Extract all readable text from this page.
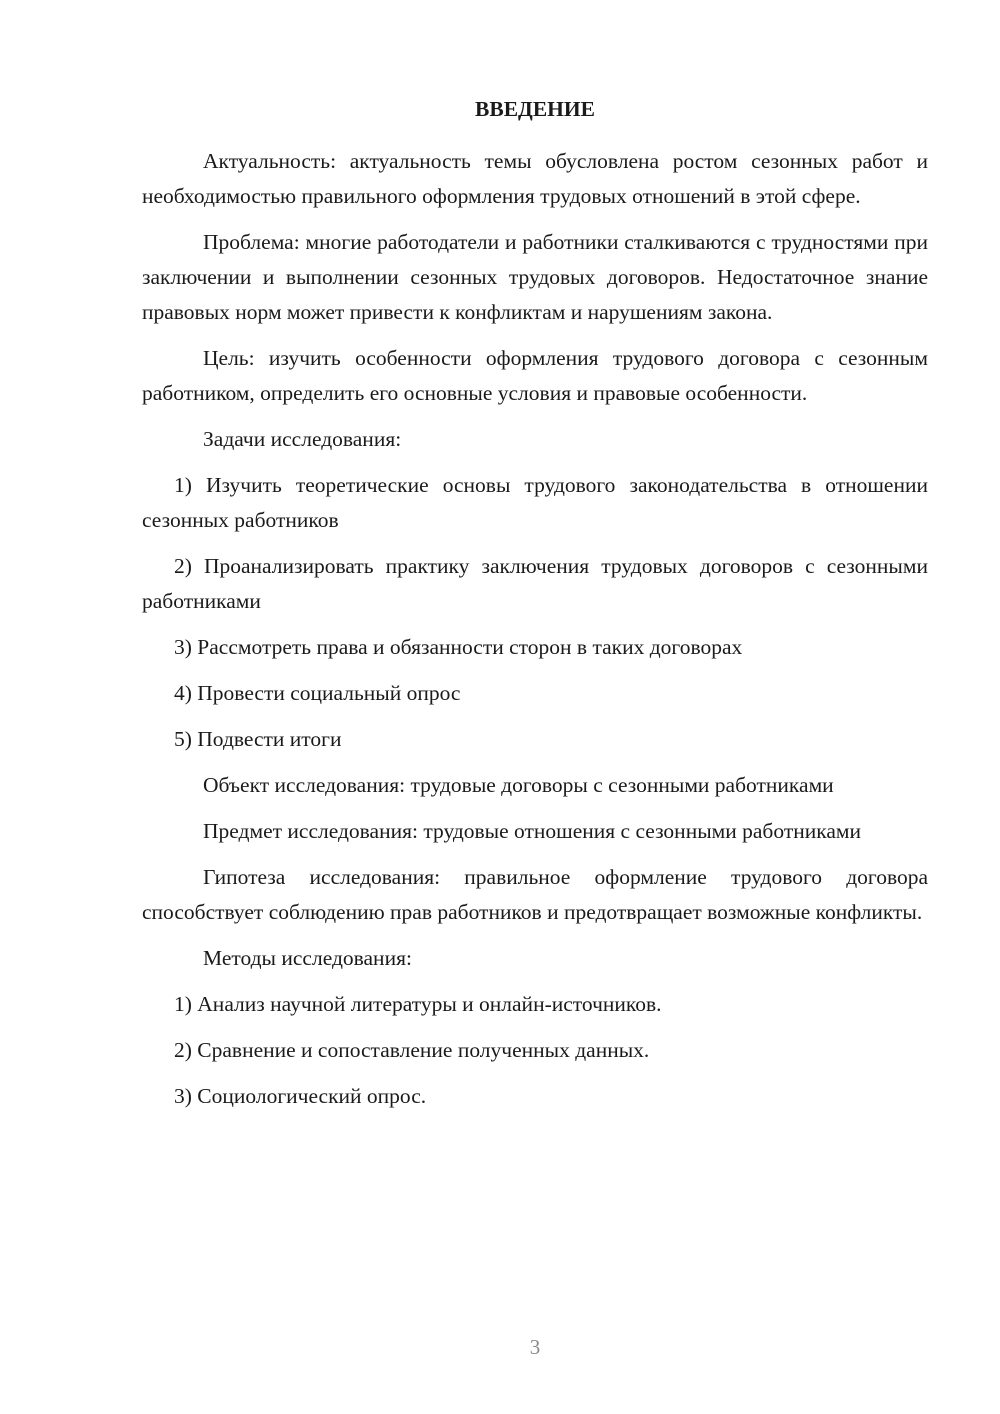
ВВЕДЕНИЕ

Актуальность: актуальность темы обусловлена ростом сезонных работ и необходимостью правильного оформления трудовых отношений в этой сфере.

Проблема: многие работодатели и работники сталкиваются с трудностями при заключении и выполнении сезонных трудовых договоров. Недостаточное знание правовых норм может привести к конфликтам и нарушениям закона.

Цель: изучить особенности оформления трудового договора с сезонным работником, определить его основные условия и правовые особенности.

Задачи исследования:

1) Изучить теоретические основы трудового законодательства в отношении сезонных работников

2) Проанализировать практику заключения трудовых договоров с сезонными работниками

3) Рассмотреть права и обязанности сторон в таких договорах

4) Провести социальный опрос

5) Подвести итоги

Объект исследования: трудовые договоры с сезонными работниками

Предмет исследования: трудовые отношения с сезонными работниками

Гипотеза исследования: правильное оформление трудового договора способствует соблюдению прав работников и предотвращает возможные конфликты.

Методы исследования:

1) Анализ научной литературы и онлайн-источников.

2) Сравнение и сопоставление полученных данных.

3) Социологический опрос.

3
